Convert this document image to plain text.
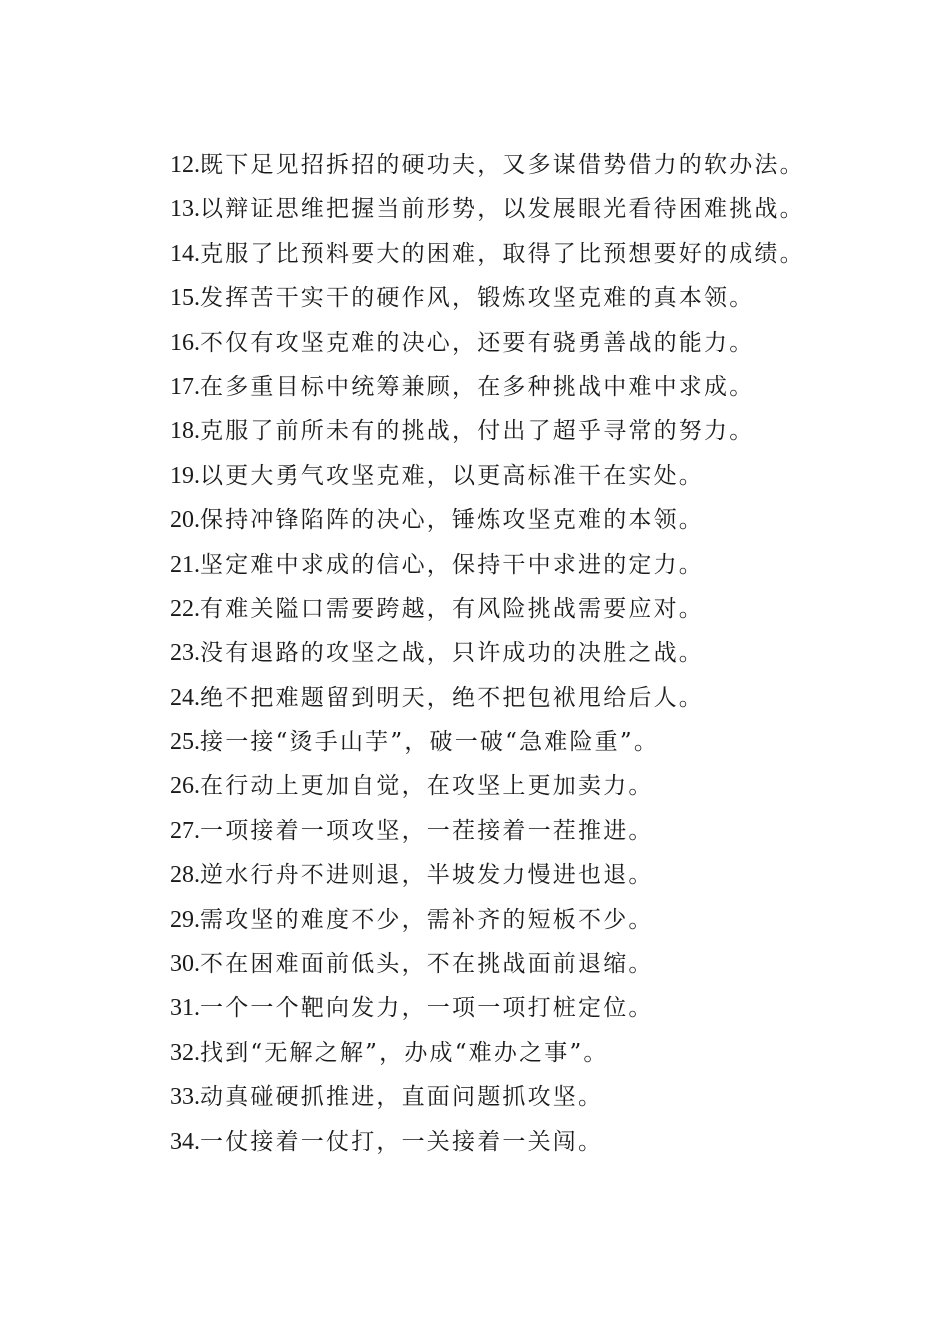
12.既下足见招拆招的硬功夫，又多谋借势借力的软办法。
13.以辩证思维把握当前形势，以发展眼光看待困难挑战。
14.克服了比预料要大的困难，取得了比预想要好的成绩。
15.发挥苦干实干的硬作风，锻炼攻坚克难的真本领。
16.不仅有攻坚克难的决心，还要有骁勇善战的能力。
17.在多重目标中统筹兼顾，在多种挑战中难中求成。
18.克服了前所未有的挑战，付出了超乎寻常的努力。
19.以更大勇气攻坚克难，以更高标准干在实处。
20.保持冲锋陷阵的决心，锤炼攻坚克难的本领。
21.坚定难中求成的信心，保持干中求进的定力。
22.有难关隘口需要跨越，有风险挑战需要应对。
23.没有退路的攻坚之战，只许成功的决胜之战。
24.绝不把难题留到明天，绝不把包袱甩给后人。
25.接一接“烫手山芋”，破一破“急难险重”。
26.在行动上更加自觉，在攻坚上更加卖力。
27.一项接着一项攻坚，一茬接着一茬推进。
28.逆水行舟不进则退，半坡发力慢进也退。
29.需攻坚的难度不少，需补齐的短板不少。
30.不在困难面前低头，不在挑战面前退缩。
31.一个一个靶向发力，一项一项打桩定位。
32.找到“无解之解”，办成“难办之事”。
33.动真碰硬抓推进，直面问题抓攻坚。
34.一仗接着一仗打，一关接着一关闯。
